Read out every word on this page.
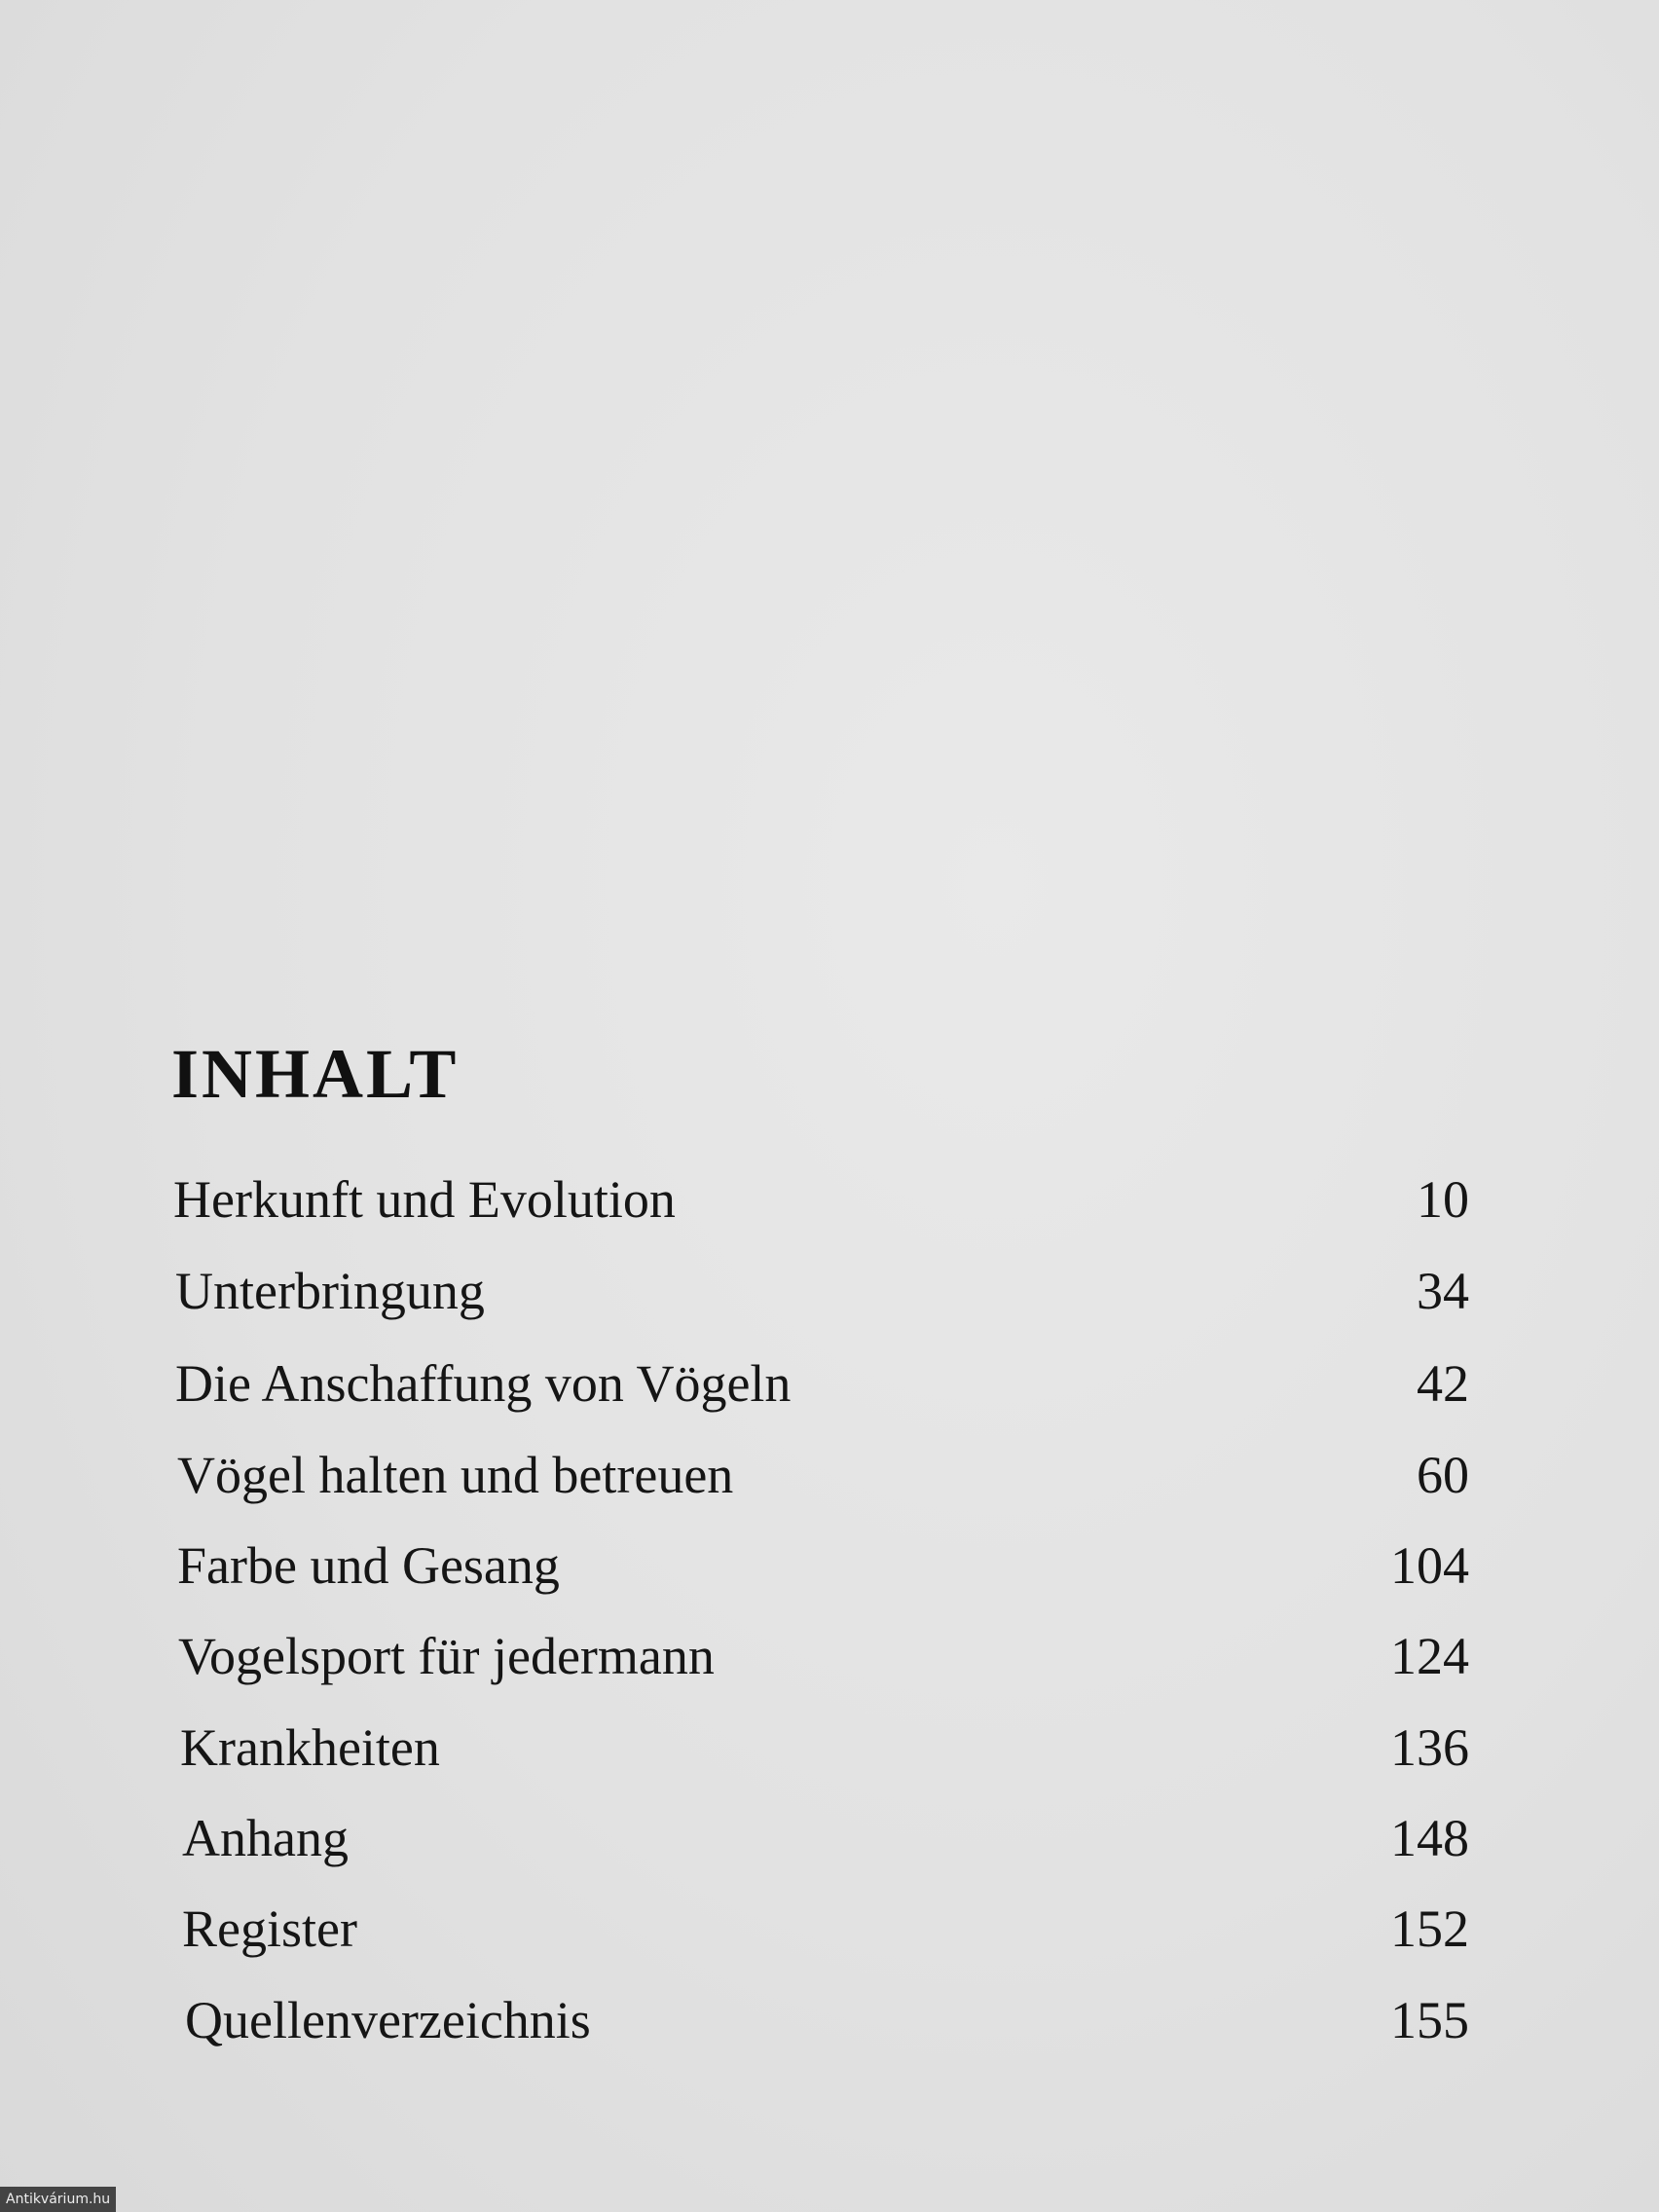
INHALT
Herkunft und Evolution	10
Unterbringung	34
Die Anschaffung von Vögeln	42
Vögel halten und betreuen	60
Farbe und Gesang	104
Vogelsport für jedermann	124
Krankheiten	136
Anhang	148
Register	152
Quellenverzeichnis	155
Antikvárium.hu
